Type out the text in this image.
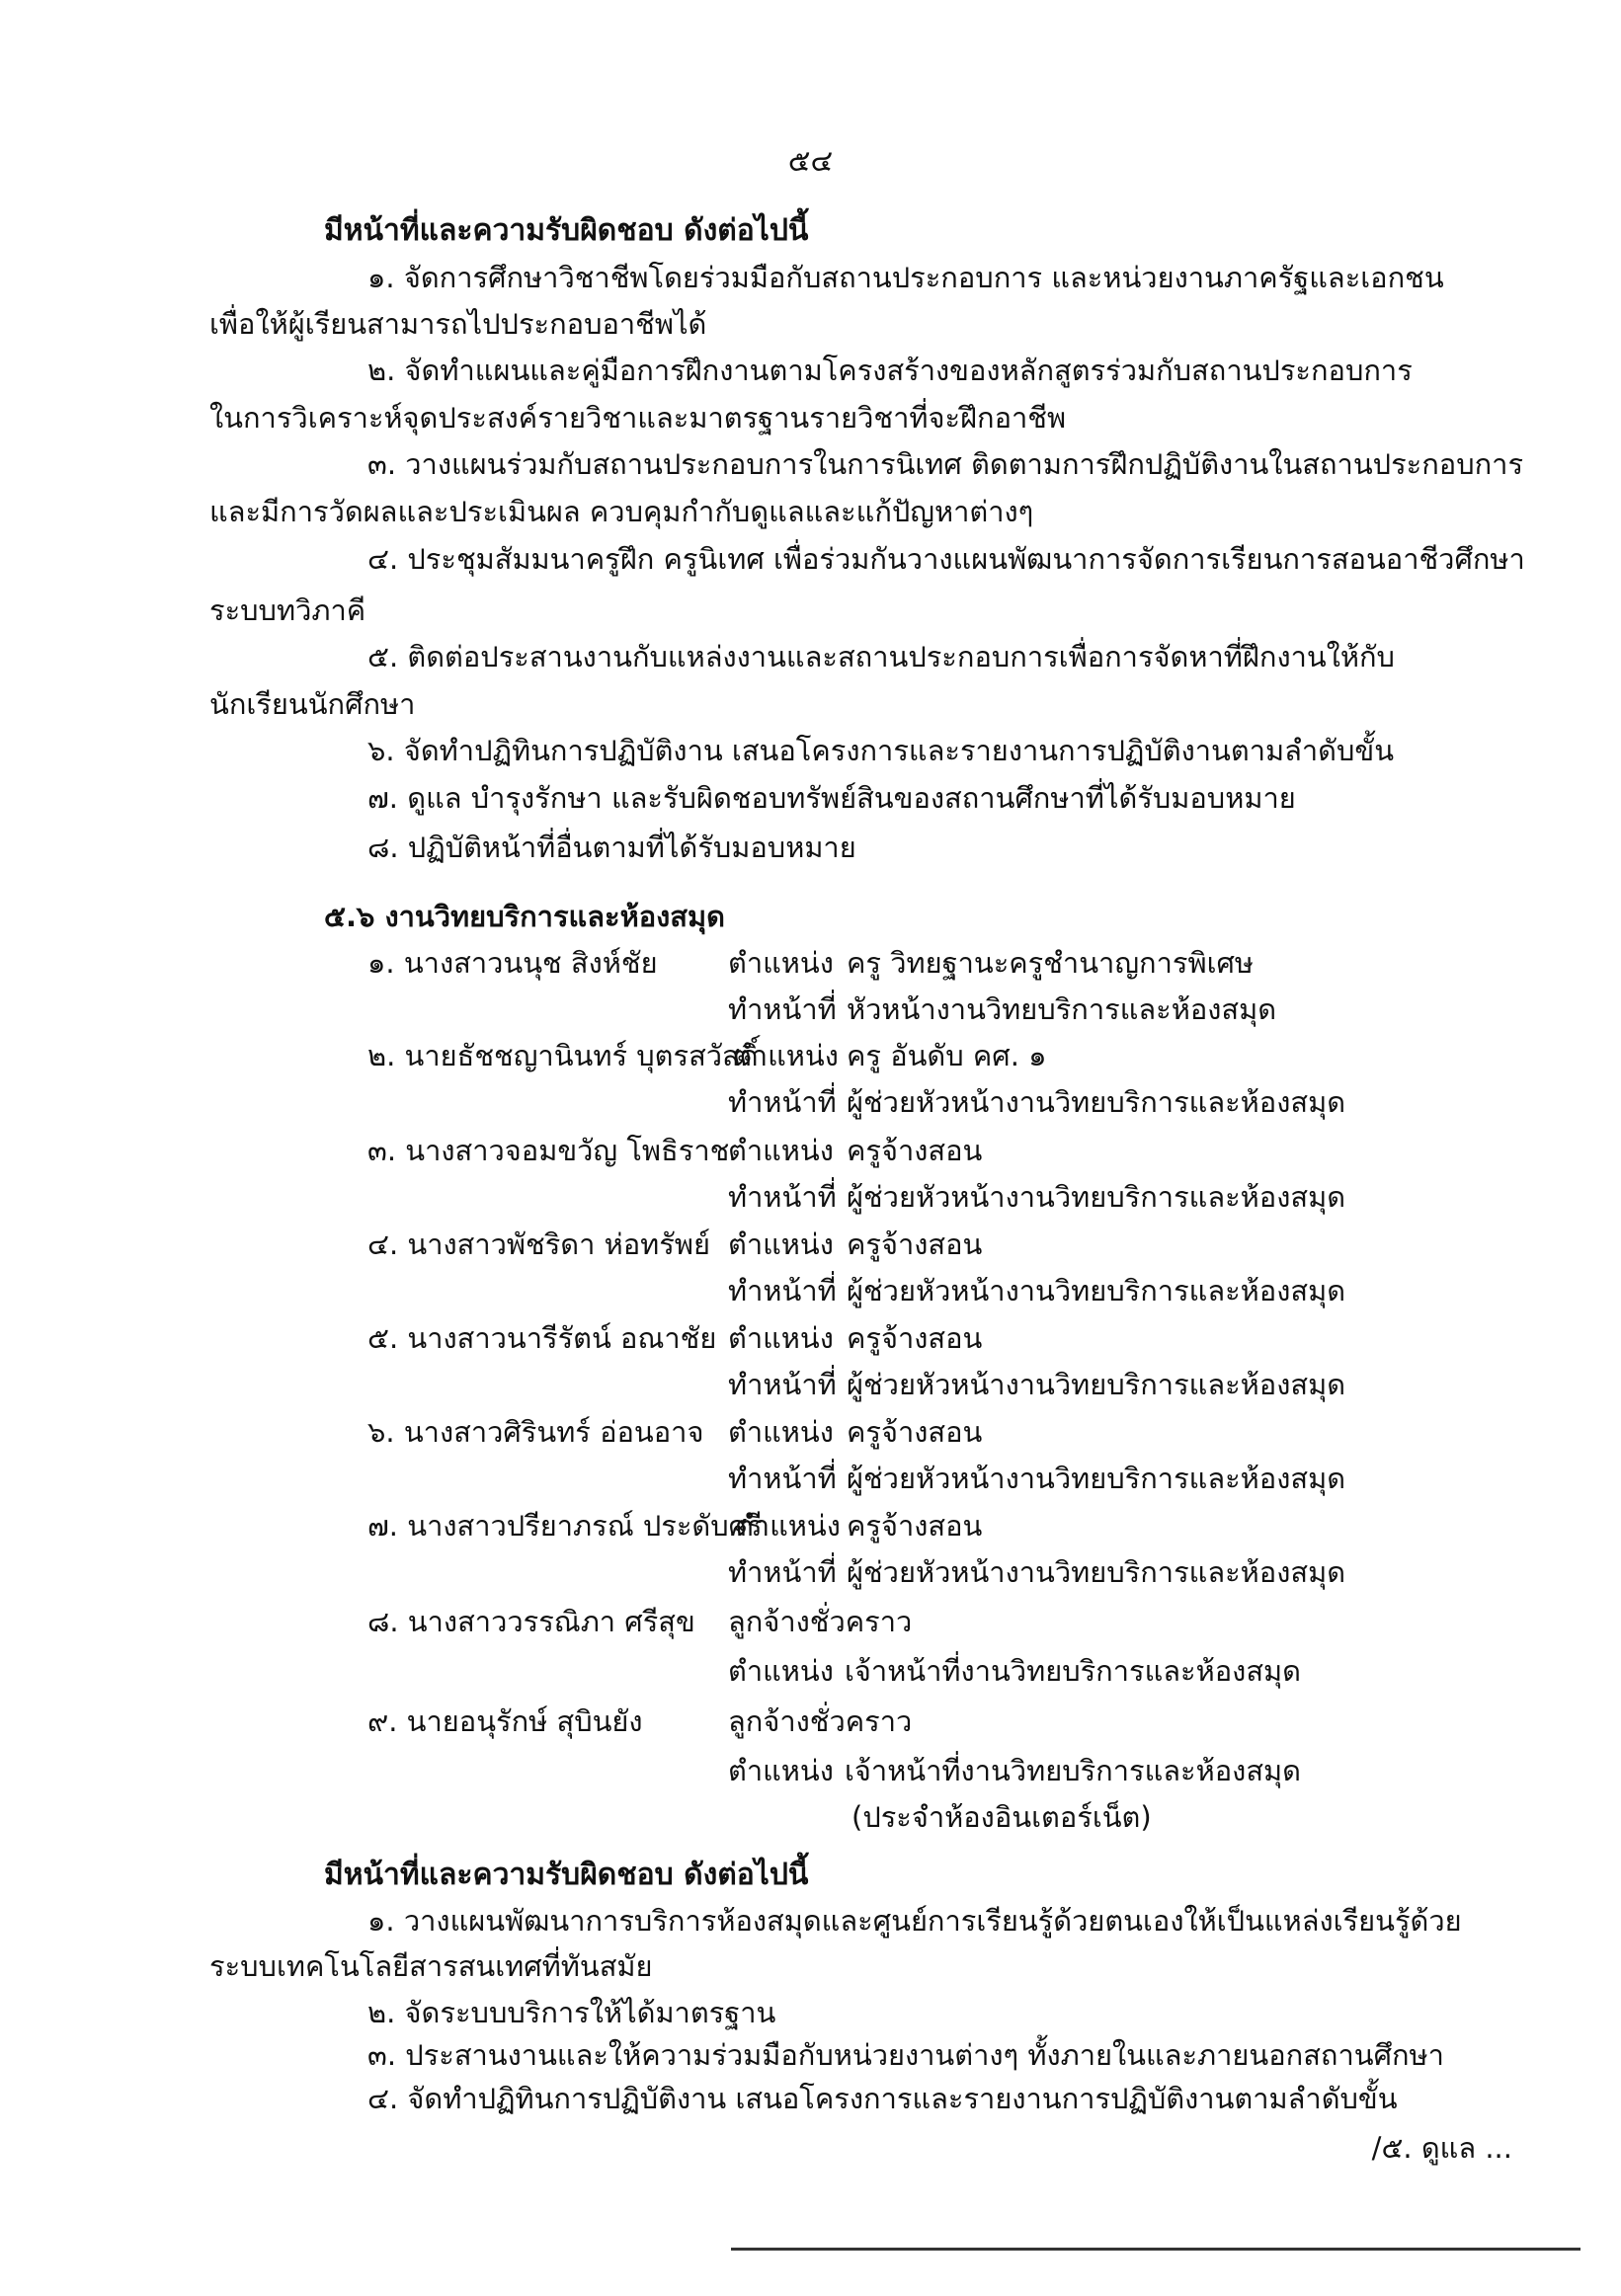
๕๔
มีหน้าที่และความรับผิดชอบ ดังต่อไปนี้
๑. จัดการศึกษาวิชาชีพโดยร่วมมือกับสถานประกอบการ และหน่วยงานภาครัฐและเอกชน
เพื่อให้ผู้เรียนสามารถไปประกอบอาชีพได้
๒. จัดทำแผนและคู่มือการฝึกงานตามโครงสร้างของหลักสูตรร่วมกับสถานประกอบการ
ในการวิเคราะห์จุดประสงค์รายวิชาและมาตรฐานรายวิชาที่จะฝึกอาชีพ
๓. วางแผนร่วมกับสถานประกอบการในการนิเทศ ติดตามการฝึกปฏิบัติงานในสถานประกอบการ
และมีการวัดผลและประเมินผล ควบคุมกำกับดูแลและแก้ปัญหาต่างๆ
๔. ประชุมสัมมนาครูฝึก ครูนิเทศ เพื่อร่วมกันวางแผนพัฒนาการจัดการเรียนการสอนอาชีวศึกษา
ระบบทวิภาคี
๕. ติดต่อประสานงานกับแหล่งงานและสถานประกอบการเพื่อการจัดหาที่ฝึกงานให้กับ
นักเรียนนักศึกษา
๖. จัดทำปฏิทินการปฏิบัติงาน เสนอโครงการและรายงานการปฏิบัติงานตามลำดับขั้น
๗. ดูแล บำรุงรักษา และรับผิดชอบทรัพย์สินของสถานศึกษาที่ได้รับมอบหมาย
๘. ปฏิบัติหน้าที่อื่นตามที่ได้รับมอบหมาย
๕.๖ งานวิทยบริการและห้องสมุด
๑. นางสาวนนุช สิงห์ชัย ตำแหน่ง ครู วิทยฐานะครูชำนาญการพิเศษ
ทำหน้าที่ หัวหน้างานวิทยบริการและห้องสมุด
๒. นายธัชชญานินทร์ บุตรสวัสดิ์
ตำแหน่ง ครู อันดับ คศ. ๑
ทำหน้าที่ ผู้ช่วยหัวหน้างานวิทยบริการและห้องสมุด
๓. นางสาวจอมขวัญ โพธิราช
ตำแหน่ง ครูจ้างสอน
ทำหน้าที่ ผู้ช่วยหัวหน้างานวิทยบริการและห้องสมุด
๔. นางสาวพัชริดา ห่อทรัพย์ ตำแหน่ง ครูจ้างสอน
ทำหน้าที่ ผู้ช่วยหัวหน้างานวิทยบริการและห้องสมุด
๕. นางสาวนารีรัตน์ อณาชัย ตำแหน่ง ครูจ้างสอน
ทำหน้าที่ ผู้ช่วยหัวหน้างานวิทยบริการและห้องสมุด
๖. นางสาวศิรินทร์ อ่อนอาจ ตำแหน่ง ครูจ้างสอน
ทำหน้าที่ ผู้ช่วยหัวหน้างานวิทยบริการและห้องสมุด
๗. นางสาวปรียาภรณ์ ประดับศรี
ตำแหน่ง ครูจ้างสอน
ทำหน้าที่ ผู้ช่วยหัวหน้างานวิทยบริการและห้องสมุด
๘. นางสาววรรณิภา ศรีสุข ลูกจ้างชั่วคราว
ตำแหน่ง เจ้าหน้าที่งานวิทยบริการและห้องสมุด
๙. นายอนุรักษ์ สุบินยัง	ลูกจ้างชั่วคราว
ตำแหน่ง เจ้าหน้าที่งานวิทยบริการและห้องสมุด
(ประจำห้องอินเตอร์เน็ต)
มีหน้าที่และความรับผิดชอบ ดังต่อไปนี้
๑. วางแผนพัฒนาการบริการห้องสมุดและศูนย์การเรียนรู้ด้วยตนเองให้เป็นแหล่งเรียนรู้ด้วย
ระบบเทคโนโลยีสารสนเทศที่ทันสมัย
๒. จัดระบบบริการให้ได้มาตรฐาน
๓. ประสานงานและให้ความร่วมมือกับหน่วยงานต่างๆ ทั้งภายในและภายนอกสถานศึกษา
๔. จัดทำปฏิทินการปฏิบัติงาน เสนอโครงการและรายงานการปฏิบัติงานตามลำดับขั้น
/๕. ดูแล ...
